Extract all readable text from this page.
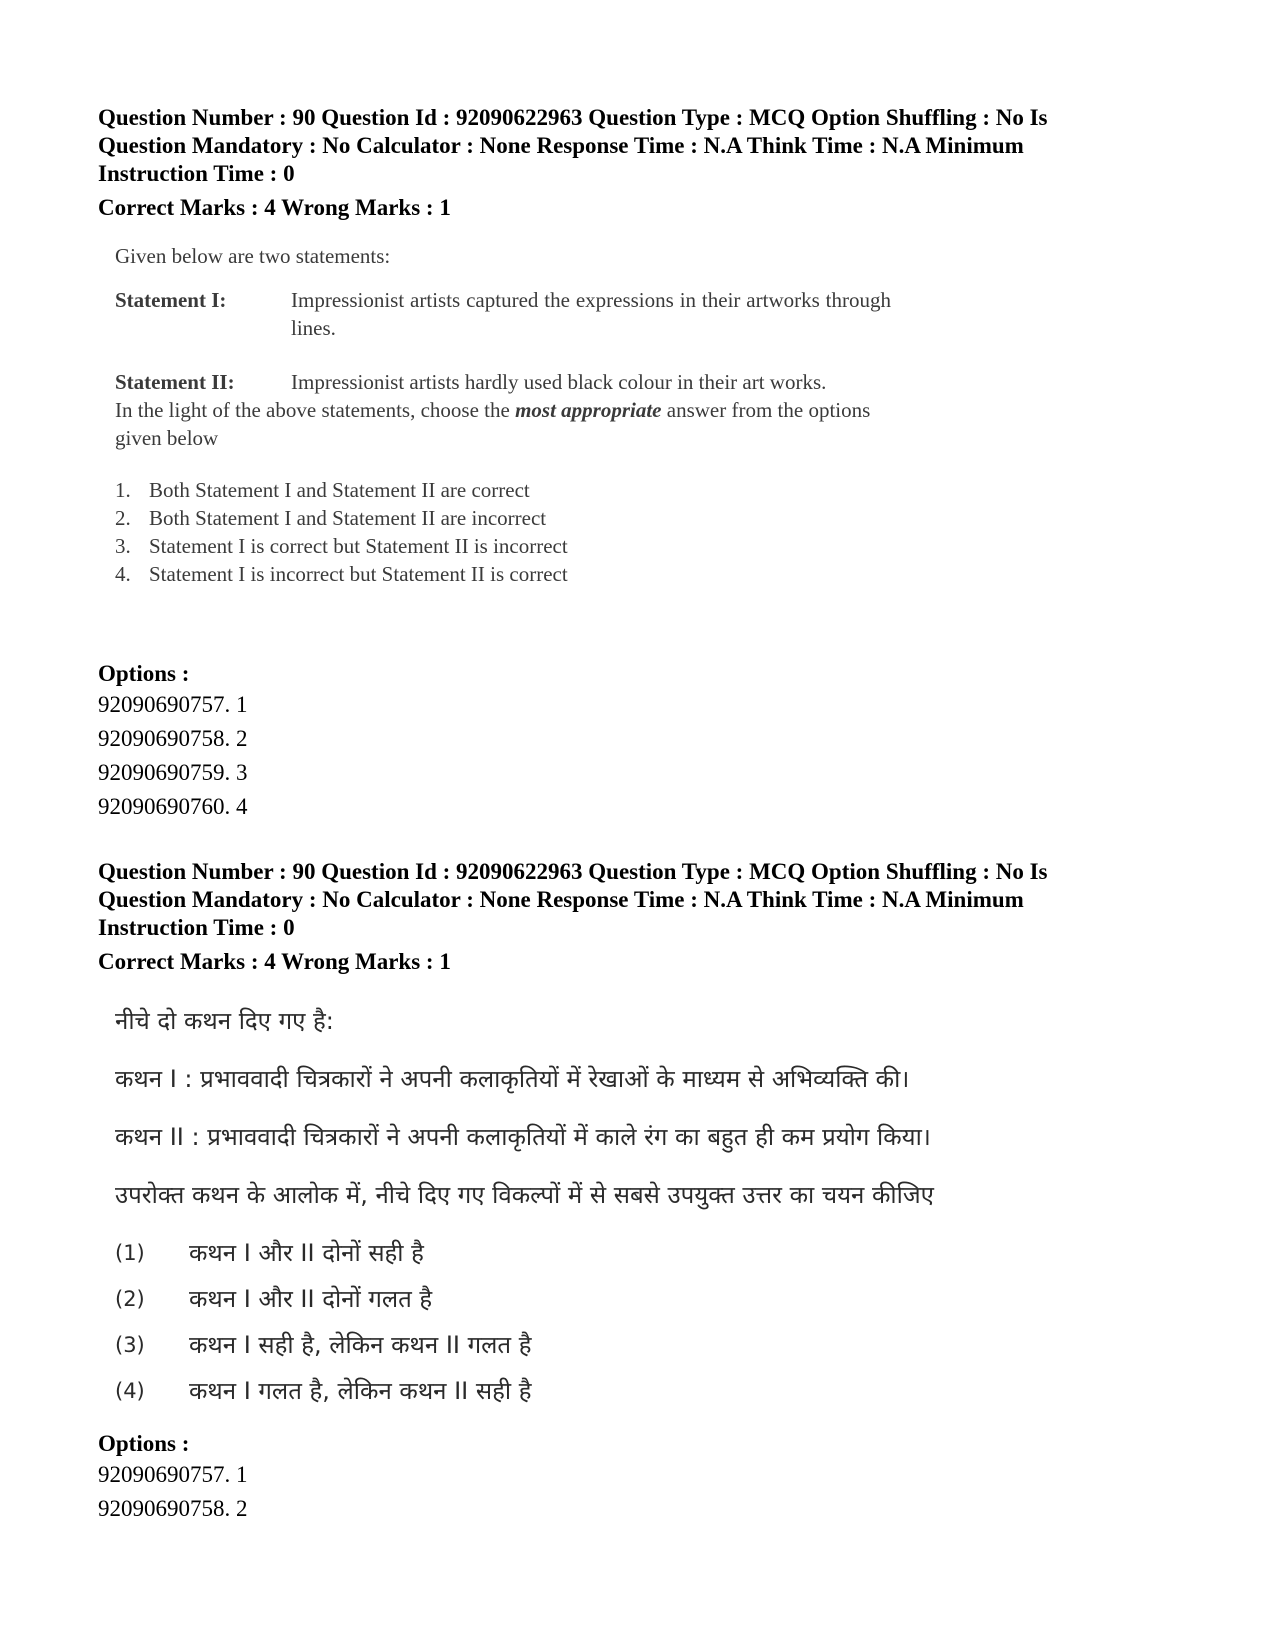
Question Number : 90 Question Id : 92090622963 Question Type : MCQ Option Shuffling : No Is

Question Mandatory : No Calculator : None Response Time : N.A Think Time : N.A Minimum

Instruction Time : 0

Correct Marks : 4 Wrong Marks : 1

Given below are two statements:
Statement I:	Impressionist artists captured the expressions in their artworks through lines.
Statement II:	Impressionist artists hardly used black colour in their art works.
In the light of the above statements, choose the most appropriate answer from the options given below
1. Both Statement I and Statement II are correct
2. Both Statement I and Statement II are incorrect
3. Statement I is correct but Statement II is incorrect
4. Statement I is incorrect but Statement II is correct

Options :

92090690757. 1

92090690758. 2

92090690759. 3

92090690760. 4

Question Number : 90 Question Id : 92090622963 Question Type : MCQ Option Shuffling : No Is

Question Mandatory : No Calculator : None Response Time : N.A Think Time : N.A Minimum

Instruction Time : 0

Correct Marks : 4 Wrong Marks : 1

नीचे दो कथन दिए गए है:

कथन I : प्रभाववादी चित्रकारों ने अपनी कलाकृतियों में रेखाओं के माध्यम से अभिव्यक्ति की।

कथन II : प्रभाववादी चित्रकारों ने अपनी कलाकृतियों में काले रंग का बहुत ही कम प्रयोग किया।

उपरोक्त कथन के आलोक में, नीचे दिए गए विकल्पों में से सबसे उपयुक्त उत्तर का चयन कीजिए

(1)	कथन I और II दोनों सही है
(2)	कथन I और II दोनों गलत है
(3)	कथन I सही है, लेकिन कथन II गलत है
(4)	कथन I गलत है, लेकिन कथन II सही है

Options :

92090690757. 1

92090690758. 2
